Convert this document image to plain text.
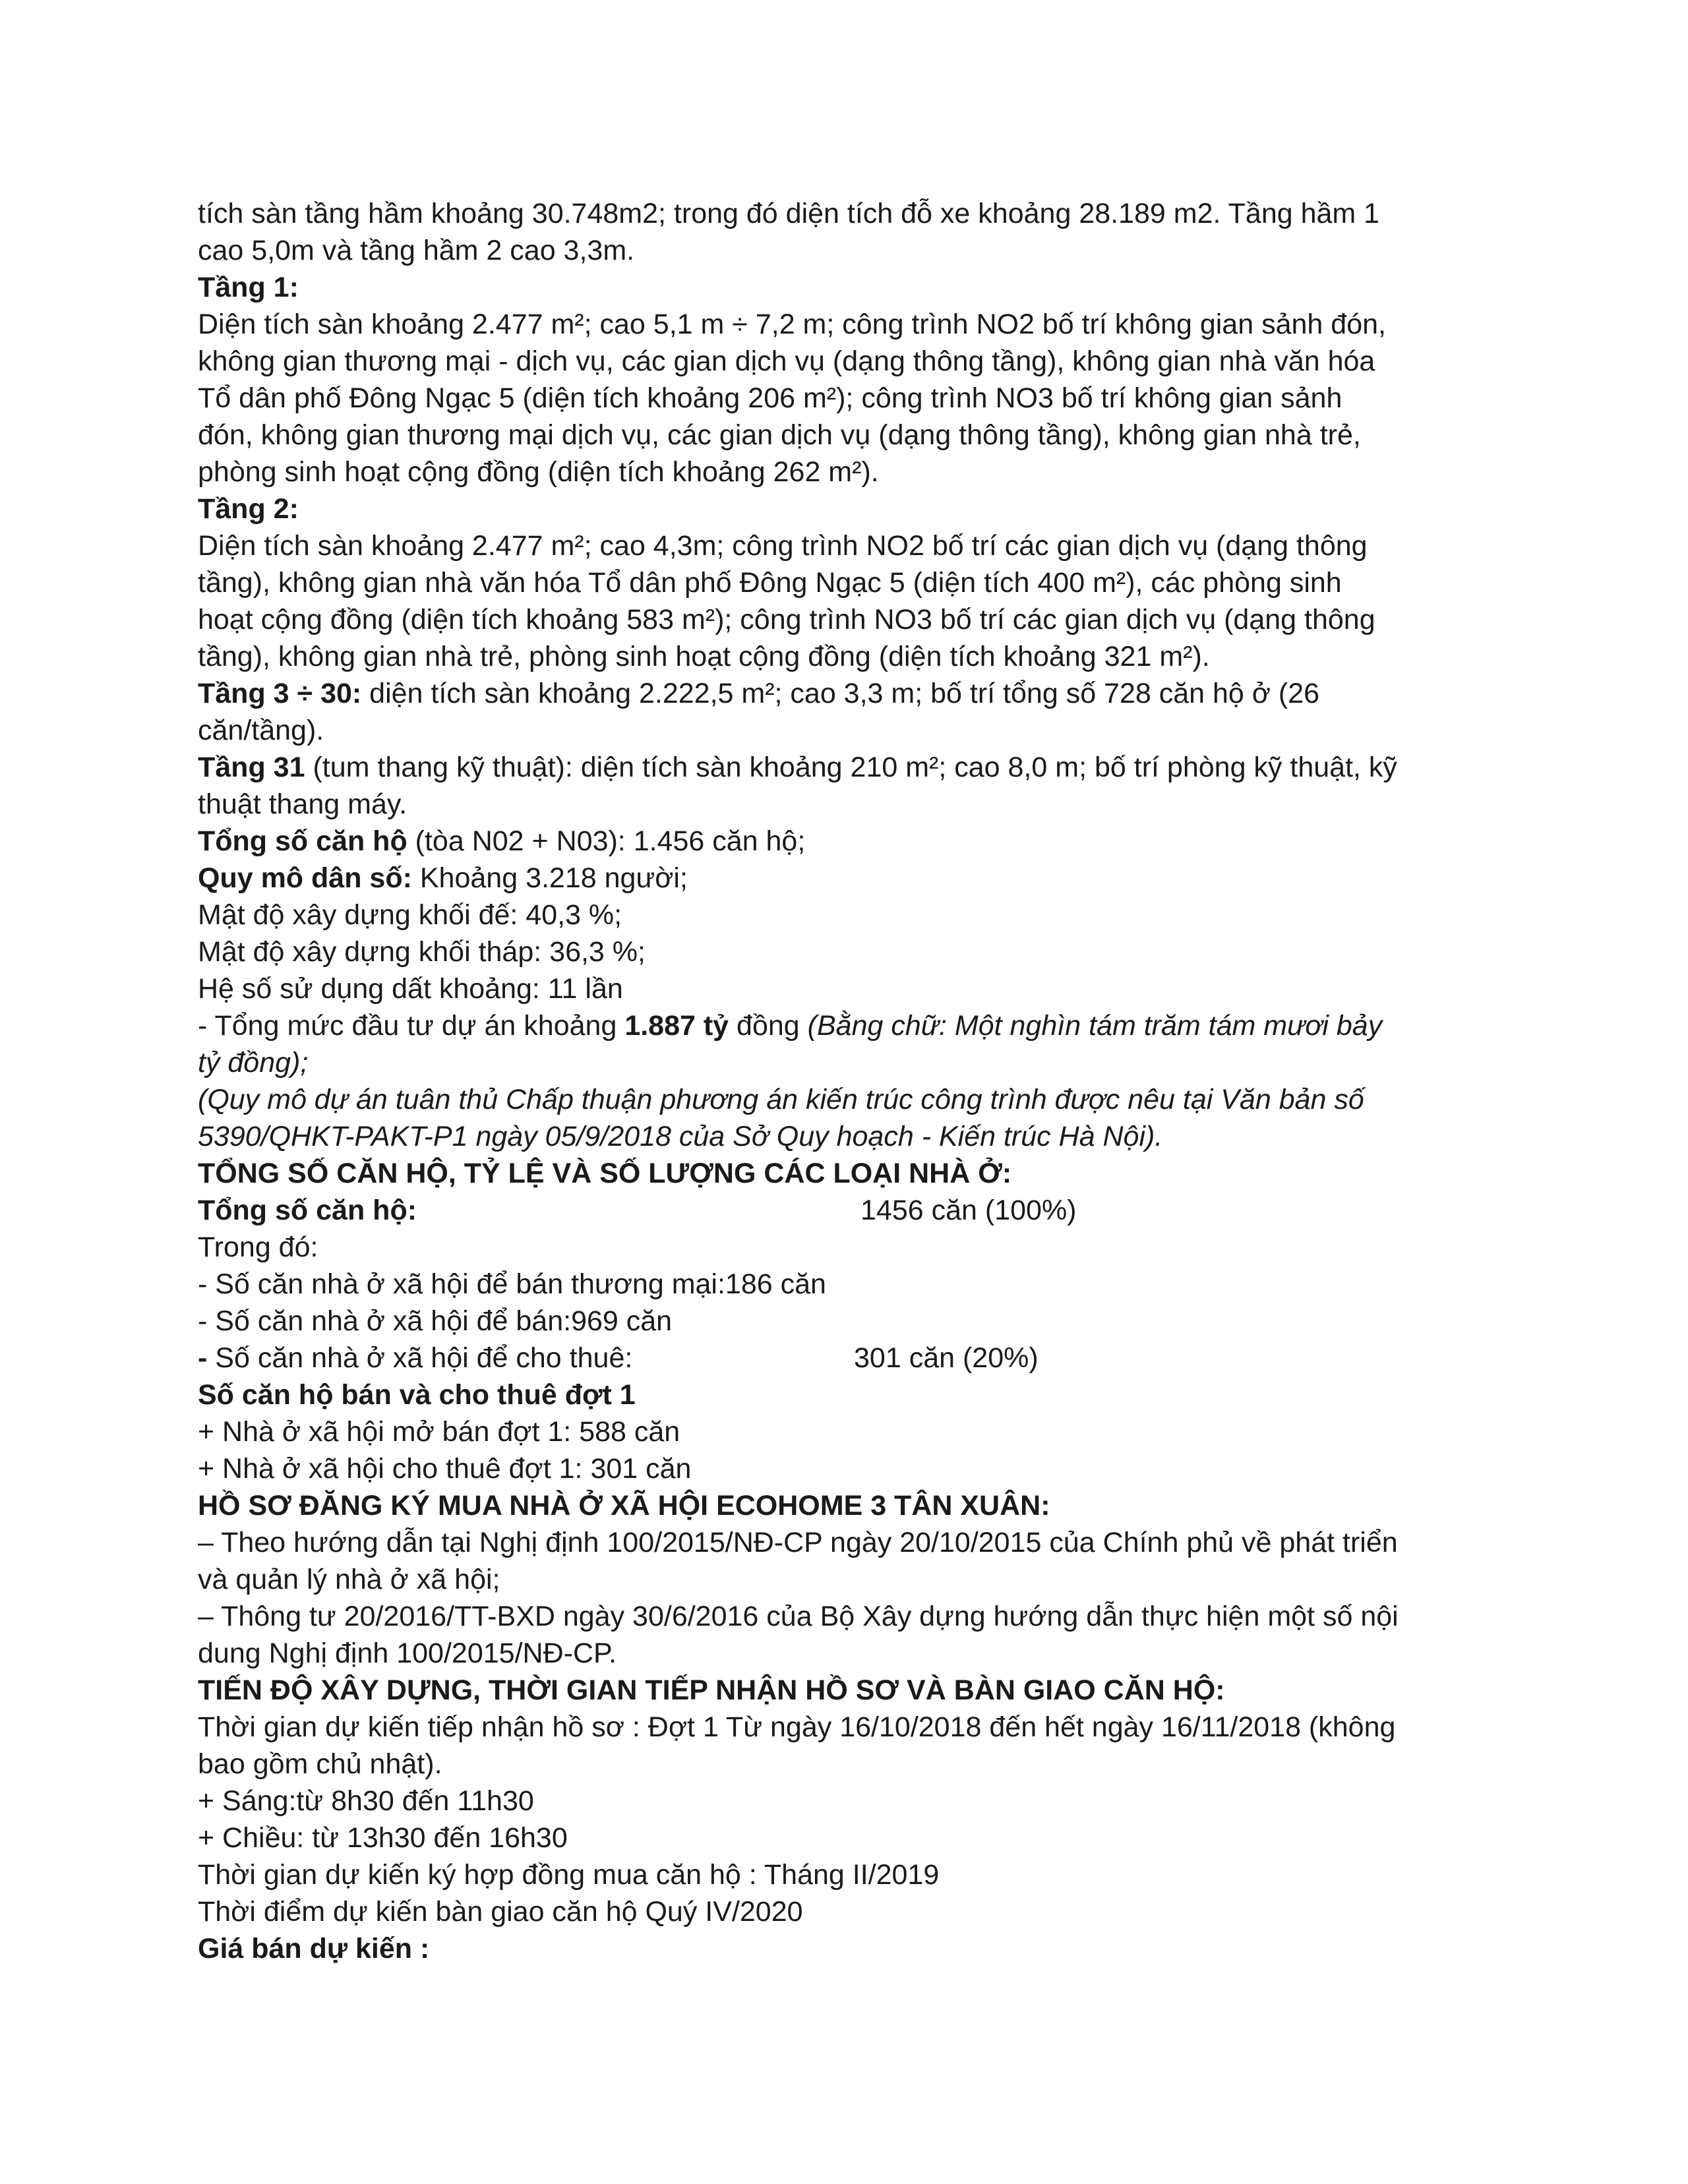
tích sàn tầng hầm khoảng 30.748m2; trong đó diện tích đỗ xe khoảng 28.189 m2. Tầng hầm 1
cao 5,0m và tầng hầm 2 cao 3,3m.
Tầng 1:
Diện tích sàn khoảng 2.477 m²; cao 5,1 m ÷ 7,2 m; công trình NO2 bố trí không gian sảnh đón,
không gian thương mại - dịch vụ, các gian dịch vụ (dạng thông tầng), không gian nhà văn hóa
Tổ dân phố Đông Ngạc 5 (diện tích khoảng 206 m²); công trình NO3 bố trí không gian sảnh
đón, không gian thương mại dịch vụ, các gian dịch vụ (dạng thông tầng), không gian nhà trẻ,
phòng sinh hoạt cộng đồng (diện tích khoảng 262 m²).
Tầng 2:
Diện tích sàn khoảng 2.477 m²; cao 4,3m; công trình NO2 bố trí các gian dịch vụ (dạng thông
tầng), không gian nhà văn hóa Tổ dân phố Đông Ngạc 5 (diện tích 400 m²), các phòng sinh
hoạt cộng đồng (diện tích khoảng 583 m²); công trình NO3 bố trí các gian dịch vụ (dạng thông
tầng), không gian nhà trẻ, phòng sinh hoạt cộng đồng (diện tích khoảng 321 m²).
Tầng 3 ÷ 30: diện tích sàn khoảng 2.222,5 m²; cao 3,3 m; bố trí tổng số 728 căn hộ ở (26
căn/tầng).
Tầng 31 (tum thang kỹ thuật): diện tích sàn khoảng 210 m²; cao 8,0 m; bố trí phòng kỹ thuật, kỹ
thuật thang máy.
Tổng số căn hộ (tòa N02 + N03): 1.456 căn hộ;
Quy mô dân số: Khoảng 3.218 người;
Mật độ xây dựng khối đế: 40,3 %;
Mật độ xây dựng khối tháp: 36,3 %;
Hệ số sử dụng dất khoảng: 11 lần
- Tổng mức đầu tư dự án khoảng 1.887 tỷ đồng (Bằng chữ: Một nghìn tám trăm tám mươi bảy
tỷ đồng);
(Quy mô dự án tuân thủ Chấp thuận phương án kiến trúc công trình được nêu tại Văn bản số
5390/QHKT-PAKT-P1 ngày 05/9/2018 của Sở Quy hoạch - Kiến trúc Hà Nội).
TỔNG SỐ CĂN HỘ, TỶ LỆ VÀ SỐ LƯỢNG CÁC LOẠI NHÀ Ở:
Tổng số căn hộ:	1456 căn (100%)
Trong đó:
- Số căn nhà ở xã hội để bán thương mại:186 căn
- Số căn nhà ở xã hội để bán:969 căn
- Số căn nhà ở xã hội để cho thuê:	301 căn (20%)
Số căn hộ bán và cho thuê đợt 1
+ Nhà ở xã hội mở bán đợt 1: 588 căn
+ Nhà ở xã hội cho thuê đợt 1: 301 căn
HỒ SƠ ĐĂNG KÝ MUA NHÀ Ở XÃ HỘI ECOHOME 3 TÂN XUÂN:
– Theo hướng dẫn tại Nghị định 100/2015/NĐ-CP ngày 20/10/2015 của Chính phủ về phát triển
và quản lý nhà ở xã hội;
– Thông tư 20/2016/TT-BXD ngày 30/6/2016 của Bộ Xây dựng hướng dẫn thực hiện một số nội
dung Nghị định 100/2015/NĐ-CP.
TIẾN ĐỘ XÂY DỰNG, THỜI GIAN TIẾP NHẬN HỒ SƠ VÀ BÀN GIAO CĂN HỘ:
Thời gian dự kiến tiếp nhận hồ sơ : Đợt 1 Từ ngày 16/10/2018 đến hết ngày 16/11/2018 (không
bao gồm chủ nhật).
+ Sáng:từ 8h30 đến 11h30
+ Chiều: từ 13h30 đến 16h30
Thời gian dự kiến ký hợp đồng mua căn hộ : Tháng II/2019
Thời điểm dự kiến bàn giao căn hộ Quý IV/2020
Giá bán dự kiến :
